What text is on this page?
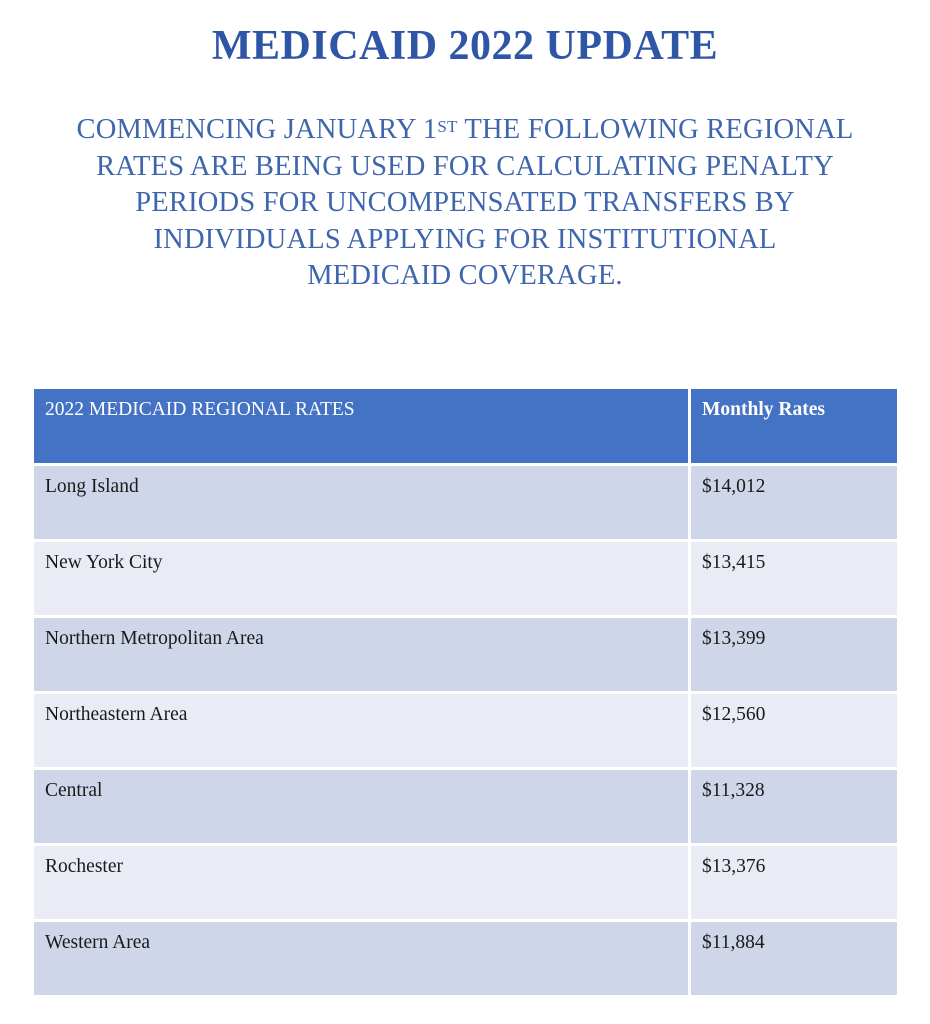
MEDICAID 2022 UPDATE
COMMENCING JANUARY 1ST THE FOLLOWING REGIONAL
RATES ARE BEING USED FOR CALCULATING PENALTY
PERIODS FOR UNCOMPENSATED TRANSFERS BY
INDIVIDUALS APPLYING FOR INSTITUTIONAL
MEDICAID COVERAGE.
2022 MEDICAID REGIONAL RATES	Monthly Rates
Long Island	$14,012
New York City	$13,415
Northern Metropolitan Area	$13,399
Northeastern Area	$12,560
Central	$11,328
Rochester	$13,376
Western Area	$11,884
